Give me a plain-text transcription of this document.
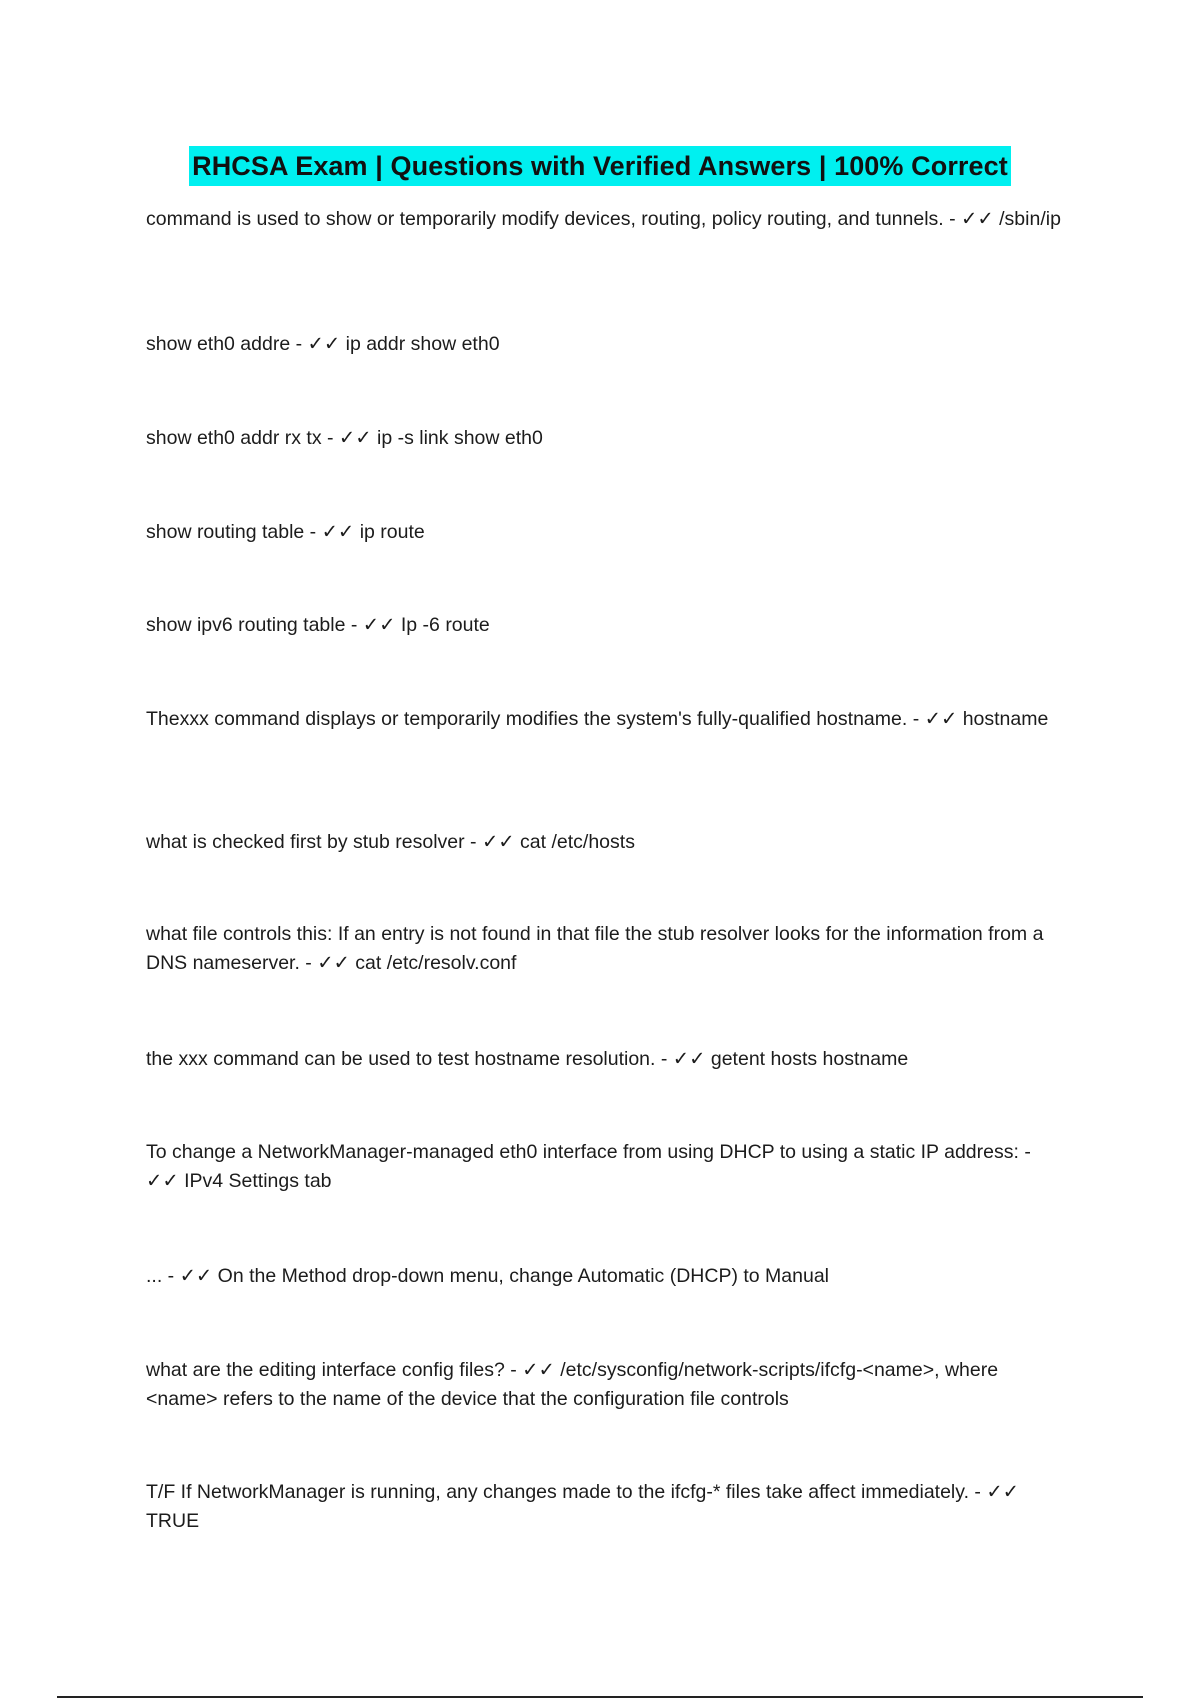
RHCSA Exam | Questions with Verified Answers | 100% Correct
command is used to show or temporarily modify devices, routing, policy routing, and tunnels. - ✓✓ /sbin/ip
show eth0 addre - ✓✓ ip addr show eth0
show eth0 addr rx tx - ✓✓ ip -s link show eth0
show routing table - ✓✓ ip route
show ipv6 routing table - ✓✓ Ip -6 route
Thexxx command displays or temporarily modifies the system's fully-qualified hostname. - ✓✓ hostname
what is checked first by stub resolver - ✓✓ cat /etc/hosts
what file controls this: If an entry is not found in that file the stub resolver looks for the information from a DNS nameserver. - ✓✓ cat /etc/resolv.conf
the xxx command can be used to test hostname resolution. - ✓✓ getent hosts hostname
To change a NetworkManager-managed eth0 interface from using DHCP to using a static IP address: - ✓✓ IPv4 Settings tab
... - ✓✓ On the Method drop-down menu, change Automatic (DHCP) to Manual
what are the editing interface config files? - ✓✓ /etc/sysconfig/network-scripts/ifcfg-<name>, where <name> refers to the name of the device that the configuration file controls
T/F If NetworkManager is running, any changes made to the ifcfg-* files take affect immediately. - ✓✓ TRUE
